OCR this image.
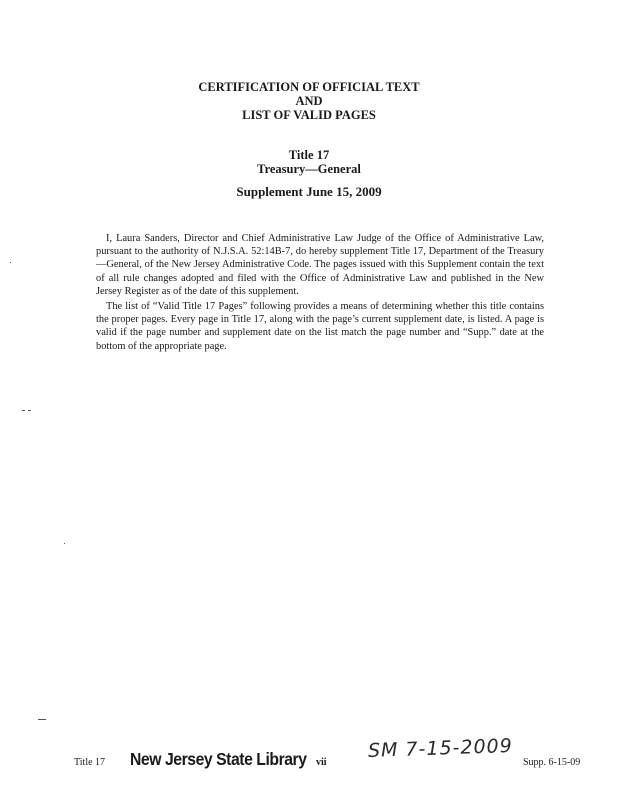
CERTIFICATION OF OFFICIAL TEXT
AND
LIST OF VALID PAGES
Title 17
Treasury—General
Supplement June 15, 2009

I, Laura Sanders, Director and Chief Administrative Law Judge of the Office of Administrative Law, pursuant to the authority of N.J.S.A. 52:14B-7, do hereby supplement Title 17, Department of the Treasury—General, of the New Jersey Administrative Code. The pages issued with this Supplement contain the text of all rule changes adopted and filed with the Office of Administrative Law and published in the New Jersey Register as of the date of this supplement.

The list of “Valid Title 17 Pages” following provides a means of determining whether this title contains the proper pages. Every page in Title 17, along with the page’s current supplement date, is listed. A page is valid if the page number and supplement date on the list match the page number and “Supp.” date at the bottom of the appropriate page.

Title 17 New Jersey State Library vii
SM 7-15-2009
Supp. 6-15-09
